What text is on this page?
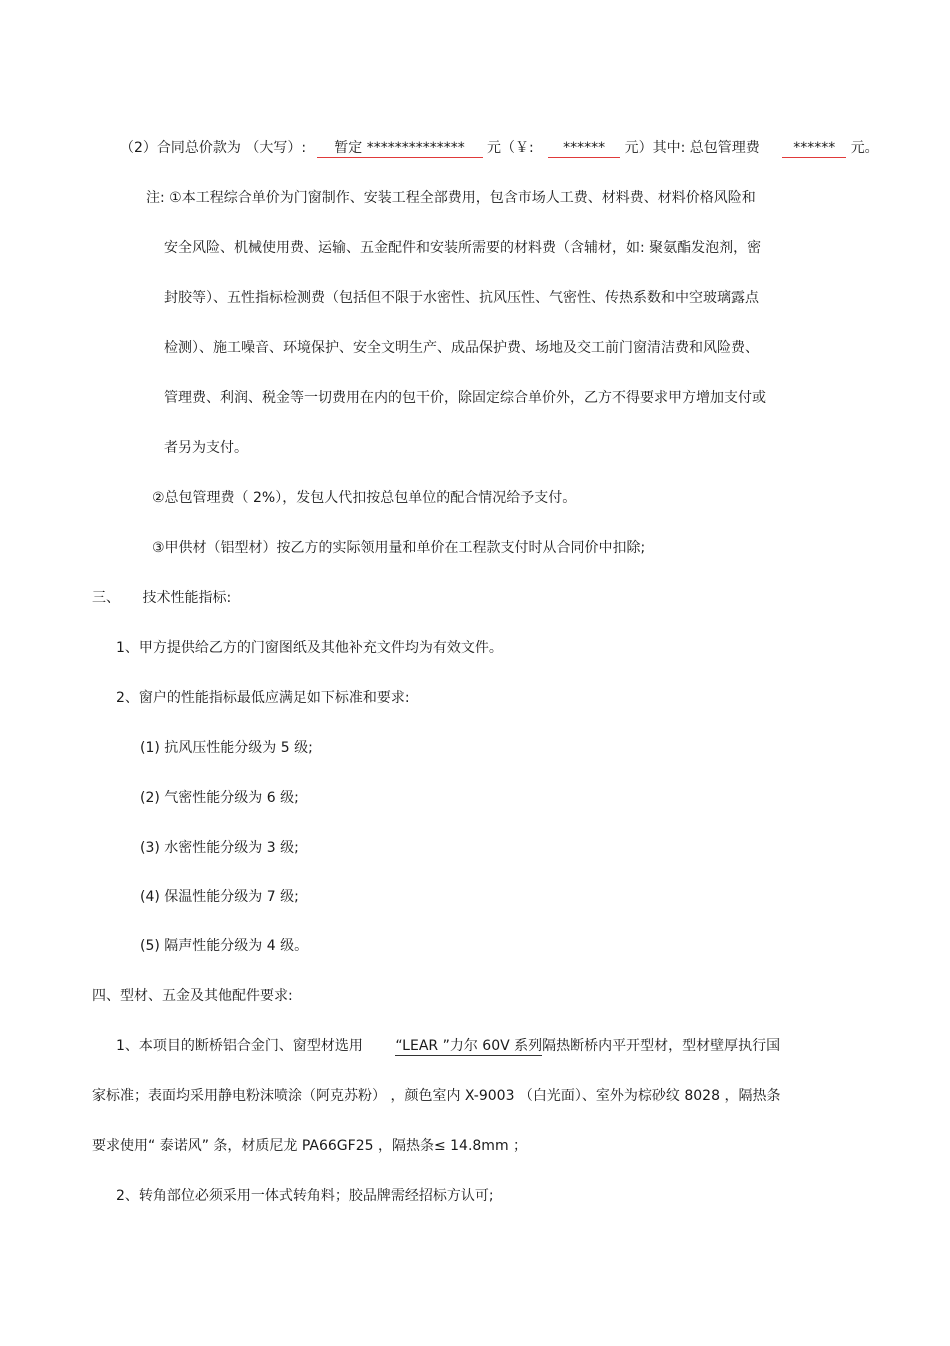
（2）合同总价款为 （大写）: 暂定 ************** 元（￥: ****** 元）其中: 总包管理费 ****** 元。
注: ①本工程综合单价为门窗制作、安装工程全部费用，包含市场人工费、材料费、材料价格风险和
安全风险、机械使用费、运输、五金配件和安装所需要的材料费（含辅材，如: 聚氨酯发泡剂，密
封胶等）、五性指标检测费（包括但不限于水密性、抗风压性、气密性、传热系数和中空玻璃露点
检测）、施工噪音、环境保护、安全文明生产、成品保护费、场地及交工前门窗清洁费和风险费、
管理费、利润、税金等一切费用在内的包干价，除固定综合单价外，乙方不得要求甲方增加支付或
者另为支付。
②总包管理费（ 2%），发包人代扣按总包单位的配合情况给予支付。
③甲供材（铝型材）按乙方的实际领用量和单价在工程款支付时从合同价中扣除;
三、 技术性能指标:
1、甲方提供给乙方的门窗图纸及其他补充文件均为有效文件。
2、窗户的性能指标最低应满足如下标准和要求:
(1) 抗风压性能分级为 5 级;
(2) 气密性能分级为 6 级;
(3) 水密性能分级为 3 级;
(4) 保温性能分级为 7 级;
(5) 隔声性能分级为 4 级。
四、型材、五金及其他配件要求:
1、本项目的断桥铝合金门、窗型材选用 “LEAR ”力尔 60V 系列隔热断桥内平开型材，型材壁厚执行国
家标准；表面均采用静电粉沫喷涂（阿克苏粉） ，颜色室内 X-9003 （白光面）、室外为棕砂纹 8028 ，隔热条
要求使用“ 泰诺风” 条，材质尼龙 PA66GF25 ，隔热条≤ 14.8mm ；
2、转角部位必须采用一体式转角料；胶品牌需经招标方认可;
